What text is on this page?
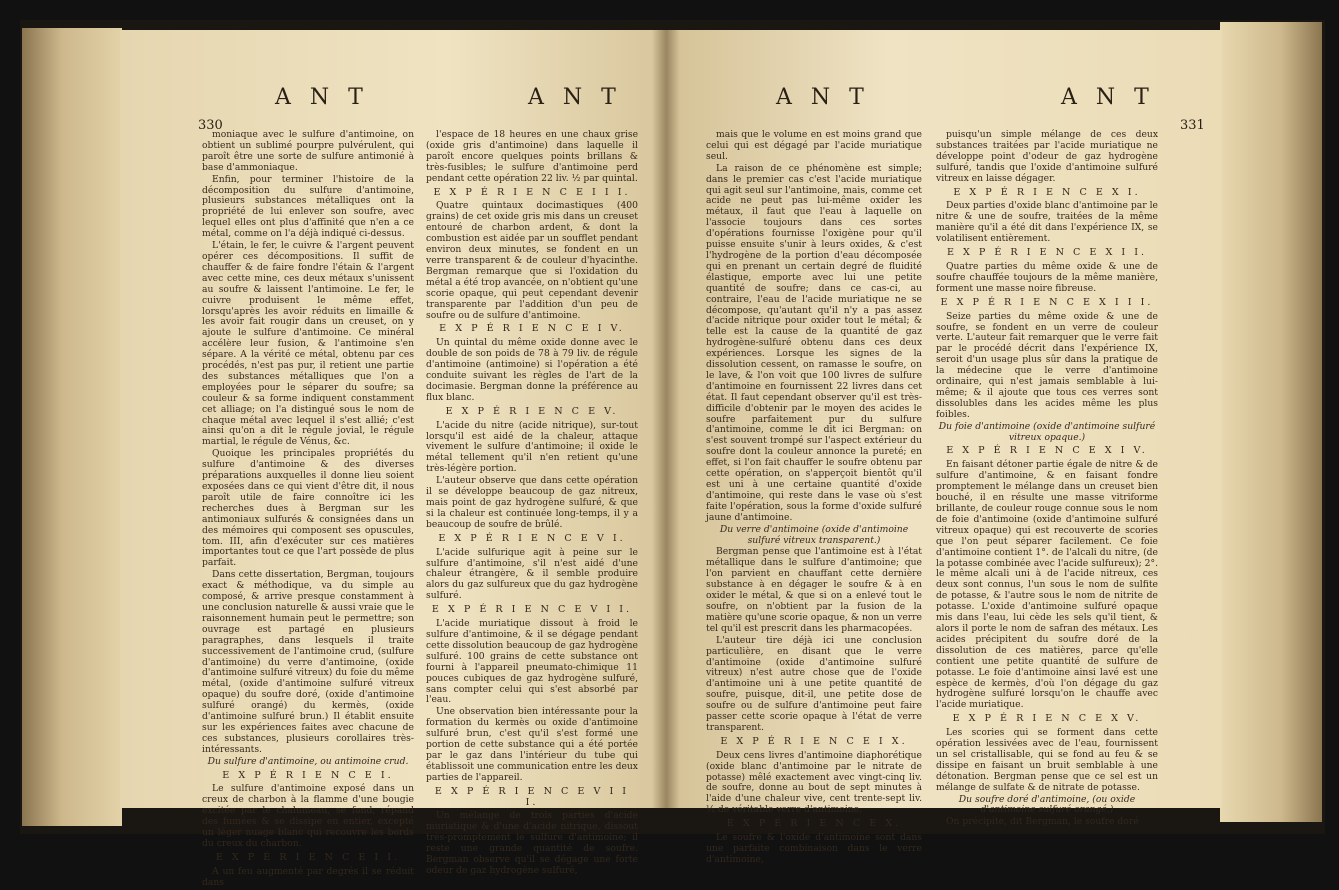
330
A N T	A N T

moniaque avec le sulfure d'antimoine, on obtient un sublimé pourpre pulvérulent, qui paroît être une sorte de sulfure antimonié à base d'ammoniaque.

Enfin, pour terminer l'histoire de la décomposition du sulfure d'antimoine, plusieurs substances métalliques ont la propriété de lui enlever son soufre, avec lequel elles ont plus d'affinité que n'en a ce métal, comme on l'a déjà indiqué ci-dessus.

L'étain, le fer, le cuivre & l'argent peuvent opérer ces décompositions. Il suffit de chauffer & de faire fondre l'étain & l'argent avec cette mine, ces deux métaux s'unissent au soufre & laissent l'antimoine. Le fer, le cuivre produisent le même effet, lorsqu'après les avoir réduits en limaille & les avoir fait rougir dans un creuset, on y ajoute le sulfure d'antimoine. Ce minéral accélère leur fusion, & l'antimoine s'en sépare. A la vérité ce métal, obtenu par ces procédés, n'est pas pur, il retient une partie des substances métalliques que l'on a employées pour le séparer du soufre; sa couleur & sa forme indiquent constamment cet alliage; on l'a distingué sous le nom de chaque métal avec lequel il s'est allié; c'est ainsi qu'on a dit le régule jovial, le régule martial, le régule de Vénus, &c.

Quoique les principales propriétés du sulfure d'antimoine & des diverses préparations auxquelles il donne lieu soient exposées dans ce qui vient d'être dit, il nous paroît utile de faire connoître ici les recherches dues à Bergman sur les antimoniaux sulfurés & consignées dans un des mémoires qui composent ses opuscules, tom. III, afin d'exécuter sur ces matières importantes tout ce que l'art possède de plus parfait.

Dans cette dissertation, Bergman, toujours exact & méthodique, va du simple au composé, & arrive presque constamment à une conclusion naturelle & aussi vraie que le raisonnement humain peut le permettre; son ouvrage est partagé en plusieurs paragraphes, dans lesquels il traite successivement de l'antimoine crud, (sulfure d'antimoine) du verre d'antimoine, (oxide d'antimoine sulfuré vitreux) du foie du même métal, (oxide d'antimoine sulfuré vitreux opaque) du soufre doré, (oxide d'antimoine sulfuré orangé) du kermès, (oxide d'antimoine sulfuré brun.) Il établit ensuite sur les expériences faites avec chacune de ces substances, plusieurs corollaires très-intéressants.

Du sulfure d'antimoine, ou antimoine crud.

E X P É R I E N C E I.

Le sulfure d'antimoine exposé dans un creux de charbon à la flamme d'une bougie excitée par le chalumeau, se fond, répand des fumées & se dissipe en entier, excepté un léger nuage blanc qui recouvre les bords du creux du charbon.

E X P É R I E N C E I I.

A un feu augmenté par degrés il se réduit dans

l'espace de 18 heures en une chaux grise (oxide gris d'antimoine) dans laquelle il paroît encore quelques points brillans & très-fusibles; le sulfure d'antimoine perd pendant cette opération 22 liv. ½ par quintal.

E X P É R I E N C E I I I.

Quatre quintaux docimastiques (400 grains) de cet oxide gris mis dans un creuset entouré de charbon ardent, & dont la combustion est aidée par un soufflet pendant environ deux minutes, se fondent en un verre transparent & de couleur d'hyacinthe. Bergman remarque que si l'oxidation du métal a été trop avancée, on n'obtient qu'une scorie opaque, qui peut cependant devenir transparente par l'addition d'un peu de soufre ou de sulfure d'antimoine.

E X P É R I E N C E I V.

Un quintal du même oxide donne avec le double de son poids de 78 à 79 liv. de régule d'antimoine (antimoine) si l'opération a été conduite suivant les règles de l'art de la docimasie. Bergman donne la préférence au flux blanc.

E X P É R I E N C E V.

L'acide du nitre (acide nitrique), sur-tout lorsqu'il est aidé de la chaleur, attaque vivement le sulfure d'antimoine; il oxide le métal tellement qu'il n'en retient qu'une très-légère portion.

L'auteur observe que dans cette opération il se développe beaucoup de gaz nitreux, mais point de gaz hydrogène sulfuré, & que si la chaleur est continuée long-temps, il y a beaucoup de soufre de brûlé.

E X P É R I E N C E V I.

L'acide sulfurique agit à peine sur le sulfure d'antimoine, s'il n'est aidé d'une chaleur étrangère, & il semble produire alors du gaz sulfureux que du gaz hydrogène sulfuré.

E X P É R I E N C E V I I.

L'acide muriatique dissout à froid le sulfure d'antimoine, & il se dégage pendant cette dissolution beaucoup de gaz hydrogène sulfuré. 100 grains de cette substance ont fourni à l'appareil pneumato-chimique 11 pouces cubiques de gaz hydrogène sulfuré, sans compter celui qui s'est absorbé par l'eau.

Une observation bien intéressante pour la formation du kermès ou oxide d'antimoine sulfuré brun, c'est qu'il s'est formé une portion de cette substance qui a été portée par le gaz dans l'intérieur du tube qui établissoit une communication entre les deux parties de l'appareil.

E X P É R I E N C E V I I I.

Un mélange de trois parties d'acide muriatique & d'une d'acide nitrique, dissout très-promptement le sulfure d'antimoine; il reste une grande quantité de soufre. Bergman observe qu'il se dégage une forte odeur de gaz hydrogène sulfuré,

A N T	A N T
331

mais que le volume en est moins grand que celui qui est dégagé par l'acide muriatique seul.

La raison de ce phénomène est simple; dans le premier cas c'est l'acide muriatique qui agit seul sur l'antimoine, mais, comme cet acide ne peut pas lui-même oxider les métaux, il faut que l'eau à laquelle on l'associe toujours dans ces sortes d'opérations fournisse l'oxigène pour qu'il puisse ensuite s'unir à leurs oxides, & c'est l'hydrogène de la portion d'eau décomposée qui en prenant un certain degré de fluidité élastique, emporte avec lui une petite quantité de soufre; dans ce cas-ci, au contraire, l'eau de l'acide muriatique ne se décompose, qu'autant qu'il n'y a pas assez d'acide nitrique pour oxider tout le métal; & telle est la cause de la quantité de gaz hydrogène-sulfuré obtenu dans ces deux expériences. Lorsque les signes de la dissolution cessent, on ramasse le soufre, on le lave, & l'on voit que 100 livres de sulfure d'antimoine en fournissent 22 livres dans cet état. Il faut cependant observer qu'il est très-difficile d'obtenir par le moyen des acides le soufre parfaitement pur du sulfure d'antimoine, comme le dit ici Bergman: on s'est souvent trompé sur l'aspect extérieur du soufre dont la couleur annonce la pureté; en effet, si l'on fait chauffer le soufre obtenu par cette opération, on s'apperçoit bientôt qu'il est uni à une certaine quantité d'oxide d'antimoine, qui reste dans le vase où s'est faite l'opération, sous la forme d'oxide sulfuré jaune d'antimoine.

Du verre d'antimoine (oxide d'antimoine sulfuré vitreux transparent.)

Bergman pense que l'antimoine est à l'état métallique dans le sulfure d'antimoine; que l'on parvient en chauffant cette dernière substance à en dégager le soufre & à en oxider le métal, & que si on a enlevé tout le soufre, on n'obtient par la fusion de la matière qu'une scorie opaque, & non un verre tel qu'il est prescrit dans les pharmacopées.

L'auteur tire déjà ici une conclusion particulière, en disant que le verre d'antimoine (oxide d'antimoine sulfuré vitreux) n'est autre chose que de l'oxide d'antimoine uni à une petite quantité de soufre, puisque, dit-il, une petite dose de soufre ou de sulfure d'antimoine peut faire passer cette scorie opaque à l'état de verre transparent.

E X P É R I E N C E I X.

Deux cens livres d'antimoine diaphorétique (oxide blanc d'antimoine par le nitrate de potasse) mêlé exactement avec vingt-cinq liv. de soufre, donne au bout de sept minutes à l'aide d'une chaleur vive, cent trente-sept liv. ½ de véritable verre d'antimoine.

E X P É R I E N C E X.

Le soufre & l'oxide d'antimoine sont dans une parfaite combinaison dans le verre d'antimoine,

puisqu'un simple mélange de ces deux substances traitées par l'acide muriatique ne développe point d'odeur de gaz hydrogène sulfuré, tandis que l'oxide d'antimoine sulfuré vitreux en laisse dégager.

E X P É R I E N C E X I.

Deux parties d'oxide blanc d'antimoine par le nitre & une de soufre, traitées de la même manière qu'il a été dit dans l'expérience IX, se volatilisent entièrement.

E X P É R I E N C E X I I.

Quatre parties du même oxide & une de soufre chauffée toujours de la même manière, forment une masse noire fibreuse.

E X P É R I E N C E X I I I.

Seize parties du même oxide & une de soufre, se fondent en un verre de couleur verte. L'auteur fait remarquer que le verre fait par le procédé décrit dans l'expérience IX, seroit d'un usage plus sûr dans la pratique de la médecine que le verre d'antimoine ordinaire, qui n'est jamais semblable à lui-même; & il ajoute que tous ces verres sont dissolubles dans les acides même les plus foibles.

Du foie d'antimoine (oxide d'antimoine sulfuré vitreux opaque.)

E X P É R I E N C E X I V.

En faisant détoner partie égale de nitre & de sulfure d'antimoine, & en faisant fondre promptement le mélange dans un creuset bien bouché, il en résulte une masse vitriforme brillante, de couleur rouge connue sous le nom de foie d'antimoine (oxide d'antimoine sulfuré vitreux opaque) qui est recouverte de scories que l'on peut séparer facilement. Ce foie d'antimoine contient 1°. de l'alcali du nitre, (de la potasse combinée avec l'acide sulfureux); 2°. le même alcali uni à de l'acide nitreux, ces deux sont connus, l'un sous le nom de sulfite de potasse, & l'autre sous le nom de nitrite de potasse. L'oxide d'antimoine sulfuré opaque mis dans l'eau, lui cède les sels qu'il tient, & alors il porte le nom de safran des métaux. Les acides précipitent du soufre doré de la dissolution de ces matières, parce qu'elle contient une petite quantité de sulfure de potasse. Le foie d'antimoine ainsi lavé est une espèce de kermès, d'où l'on dégage du gaz hydrogène sulfuré lorsqu'on le chauffe avec l'acide muriatique.

E X P É R I E N C E X V.

Les scories qui se forment dans cette opération lessivées avec de l'eau, fournissent un sel cristallisable, qui se fond au feu & se dissipe en faisant un bruit semblable à une détonation. Bergman pense que ce sel est un mélange de sulfate & de nitrate de potasse.

Du soufre doré d'antimoine, (ou oxide d'antimoine sulfuré orangé.)

On précipite, dit Bergman, le soufre doré
